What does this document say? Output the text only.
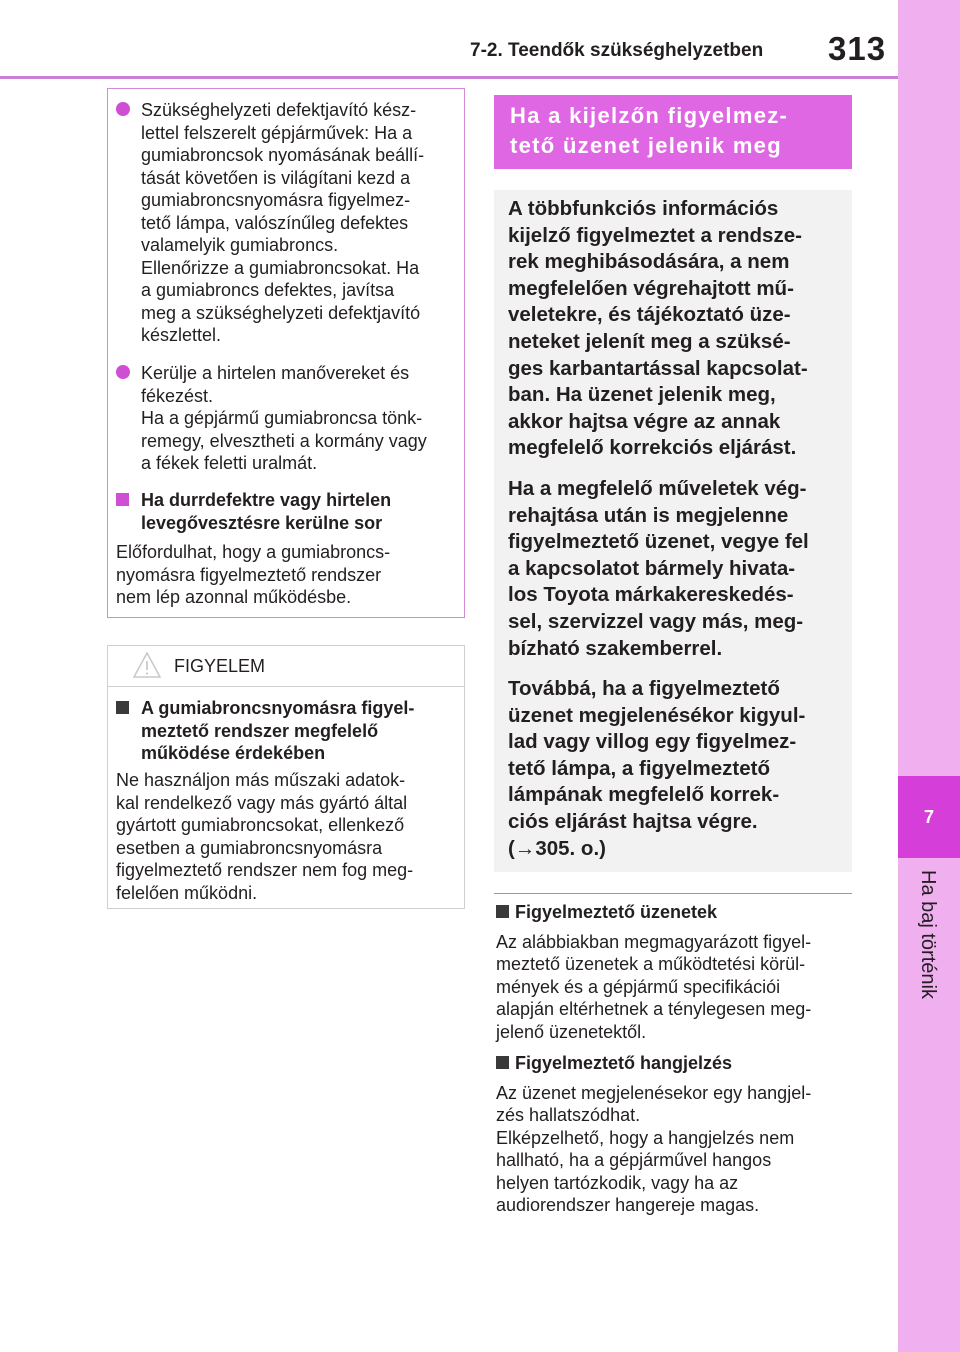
7-2. Teendők szükséghelyzetben 313
7
Ha baj történik
Szükséghelyzeti defektjavító kész-
lettel felszerelt gépjárművek: Ha a
gumiabroncsok nyomásának beállí-
tását követően is világítani kezd a
gumiabroncsnyomásra figyelmez-
tető lámpa, valószínűleg defektes
valamelyik gumiabroncs.
Ellenőrizze a gumiabroncsokat. Ha
a gumiabroncs defektes, javítsa
meg a szükséghelyzeti defektjavító
készlettel.
Kerülje a hirtelen manővereket és
fékezést.
Ha a gépjármű gumiabroncsa tönk-
remegy, elvesztheti a kormány vagy
a fékek feletti uralmát.
Ha durrdefektre vagy hirtelen
levegővesztésre kerülne sor
Előfordulhat, hogy a gumiabroncs-
nyomásra figyelmeztető rendszer
nem lép azonnal működésbe.
FIGYELEM
A gumiabroncsnyomásra figyel-
meztető rendszer megfelelő
működése érdekében
Ne használjon más műszaki adatok-
kal rendelkező vagy más gyártó által
gyártott gumiabroncsokat, ellenkező
esetben a gumiabroncsnyomásra
figyelmeztető rendszer nem fog meg-
felelően működni.
Ha a kijelzőn figyelmez-
tető üzenet jelenik meg
A többfunkciós információs
kijelző figyelmeztet a rendsze-
rek meghibásodására, a nem
megfelelően végrehajtott mű-
veletekre, és tájékoztató üze-
neteket jelenít meg a szüksé-
ges karbantartással kapcsolat-
ban. Ha üzenet jelenik meg,
akkor hajtsa végre az annak
megfelelő korrekciós eljárást.
Ha a megfelelő műveletek vég-
rehajtása után is megjelenne
figyelmeztető üzenet, vegye fel
a kapcsolatot bármely hivata-
los Toyota márkakereskedés-
sel, szervizzel vagy más, meg-
bízható szakemberrel.
Továbbá, ha a figyelmeztető
üzenet megjelenésékor kigyul-
lad vagy villog egy figyelmez-
tető lámpa, a figyelmeztető
lámpának megfelelő korrek-
ciós eljárást hajtsa végre.
(→305. o.)
Figyelmeztető üzenetek
Az alábbiakban megmagyarázott figyel-
meztető üzenetek a működtetési körül-
mények és a gépjármű specifikációi
alapján eltérhetnek a ténylegesen meg-
jelenő üzenetektől.
Figyelmeztető hangjelzés
Az üzenet megjelenésekor egy hangjel-
zés hallatszódhat.
Elképzelhető, hogy a hangjelzés nem
hallható, ha a gépjárművel hangos
helyen tartózkodik, vagy ha az
audiorendszer hangereje magas.
